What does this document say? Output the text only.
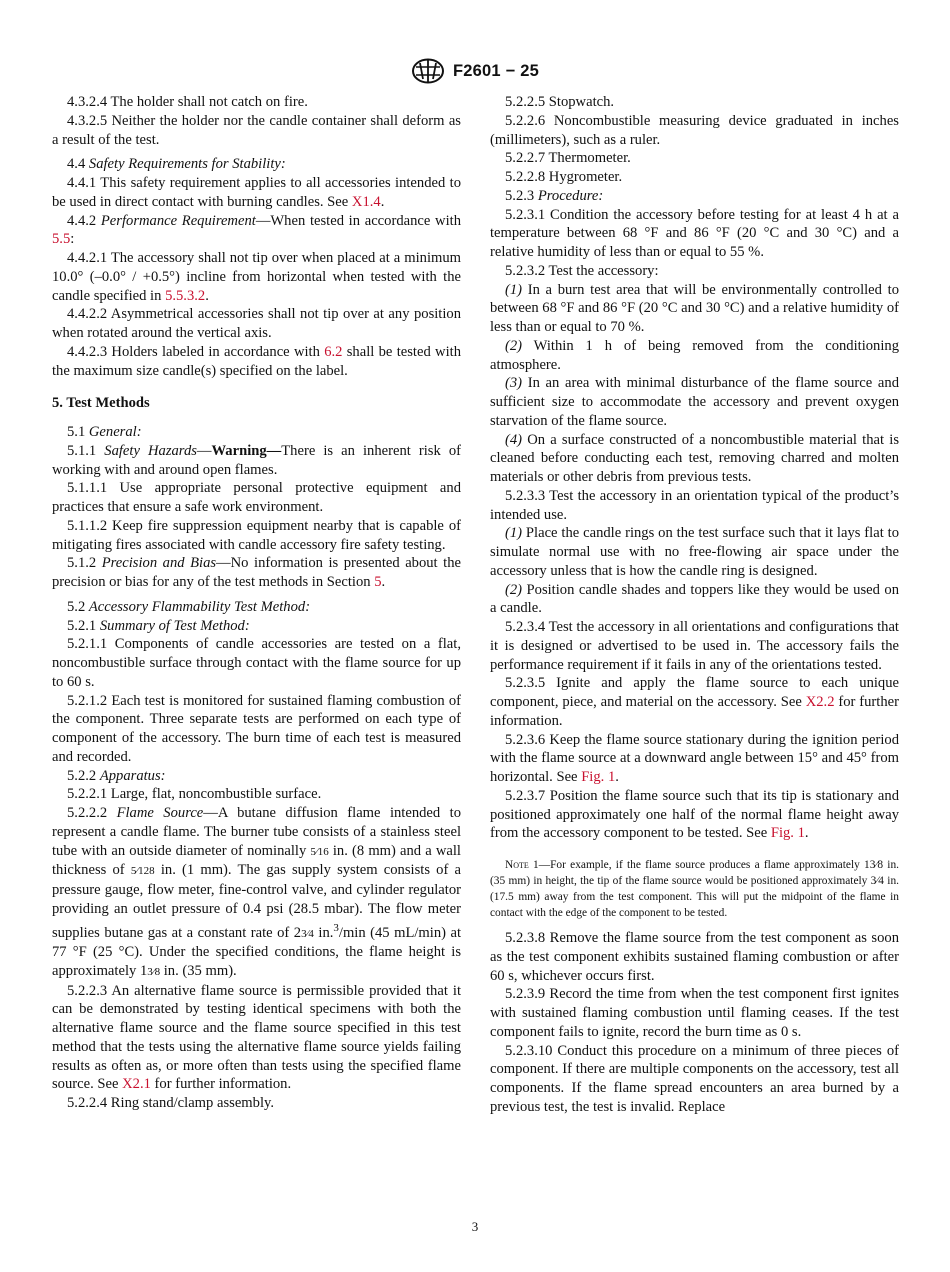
F2601 − 25

4.3.2.4 The holder shall not catch on fire.

4.3.2.5 Neither the holder nor the candle container shall deform as a result of the test.

4.4 Safety Requirements for Stability:

4.4.1 This safety requirement applies to all accessories intended to be used in direct contact with burning candles. See X1.4.

4.4.2 Performance Requirement—When tested in accordance with 5.5:

4.4.2.1 The accessory shall not tip over when placed at a minimum 10.0° (–0.0° / +0.5°) incline from horizontal when tested with the candle specified in 5.5.3.2.

4.4.2.2 Asymmetrical accessories shall not tip over at any position when rotated around the vertical axis.

4.4.2.3 Holders labeled in accordance with 6.2 shall be tested with the maximum size candle(s) specified on the label.

5. Test Methods

5.1 General:

5.1.1 Safety Hazards—Warning—There is an inherent risk of working with and around open flames.

5.1.1.1 Use appropriate personal protective equipment and practices that ensure a safe work environment.

5.1.1.2 Keep fire suppression equipment nearby that is capable of mitigating fires associated with candle accessory fire safety testing.

5.1.2 Precision and Bias—No information is presented about the precision or bias for any of the test methods in Section 5.

5.2 Accessory Flammability Test Method:

5.2.1 Summary of Test Method:

5.2.1.1 Components of candle accessories are tested on a flat, noncombustible surface through contact with the flame source for up to 60 s.

5.2.1.2 Each test is monitored for sustained flaming combustion of the component. Three separate tests are performed on each type of component of the accessory. The burn time of each test is measured and recorded.

5.2.2 Apparatus:

5.2.2.1 Large, flat, noncombustible surface.

5.2.2.2 Flame Source—A butane diffusion flame intended to represent a candle flame. The burner tube consists of a stainless steel tube with an outside diameter of nominally 5⁄16 in. (8 mm) and a wall thickness of 5⁄128 in. (1 mm). The gas supply system consists of a pressure gauge, flow meter, fine-control valve, and cylinder regulator providing an outlet pressure of 0.4 psi (28.5 mbar). The flow meter supplies butane gas at a constant rate of 23⁄4 in.$^3$/min (45 mL/min) at 77 °F (25 °C). Under the specified conditions, the flame height is approximately 13⁄8 in. (35 mm).

5.2.2.3 An alternative flame source is permissible provided that it can be demonstrated by testing identical specimens with both the alternative flame source and the flame source specified in this test method that the tests using the alternative flame source yields failing results as often as, or more often than tests using the specified flame source. See X2.1 for further information.

5.2.2.4 Ring stand/clamp assembly.

5.2.2.5 Stopwatch.

5.2.2.6 Noncombustible measuring device graduated in inches (millimeters), such as a ruler.

5.2.2.7 Thermometer.

5.2.2.8 Hygrometer.

5.2.3 Procedure:

5.2.3.1 Condition the accessory before testing for at least 4 h at a temperature between 68 °F and 86 °F (20 °C and 30 °C) and a relative humidity of less than or equal to 55 %.

5.2.3.2 Test the accessory:

(1) In a burn test area that will be environmentally controlled to between 68 °F and 86 °F (20 °C and 30 °C) and a relative humidity of less than or equal to 70 %.

(2) Within 1 h of being removed from the conditioning atmosphere.

(3) In an area with minimal disturbance of the flame source and sufficient size to accommodate the accessory and prevent oxygen starvation of the flame source.

(4) On a surface constructed of a noncombustible material that is cleaned before conducting each test, removing charred and molten materials or other debris from previous tests.

5.2.3.3 Test the accessory in an orientation typical of the product’s intended use.

(1) Place the candle rings on the test surface such that it lays flat to simulate normal use with no free-flowing air space under the accessory unless that is how the candle ring is designed.

(2) Position candle shades and toppers like they would be used on a candle.

5.2.3.4 Test the accessory in all orientations and configurations that it is designed or advertised to be used in. The accessory fails the performance requirement if it fails in any of the orientations tested.

5.2.3.5 Ignite and apply the flame source to each unique component, piece, and material on the accessory. See X2.2 for further information.

5.2.3.6 Keep the flame source stationary during the ignition period with the flame source at a downward angle between 15° and 45° from horizontal. See Fig. 1.

5.2.3.7 Position the flame source such that its tip is stationary and positioned approximately one half of the normal flame height away from the accessory component to be tested. See Fig. 1.

Note 1—For example, if the flame source produces a flame approximately 13⁄8 in. (35 mm) in height, the tip of the flame source would be positioned approximately 3⁄4 in. (17.5 mm) away from the test component. This will put the midpoint of the flame in contact with the edge of the component to be tested.

5.2.3.8 Remove the flame source from the test component as soon as the test component exhibits sustained flaming combustion or after 60 s, whichever occurs first.

5.2.3.9 Record the time from when the test component first ignites with sustained flaming combustion until flaming ceases. If the test component fails to ignite, record the burn time as 0 s.

5.2.3.10 Conduct this procedure on a minimum of three pieces of component. If there are multiple components on the accessory, test all components. If the flame spread encounters an area burned by a previous test, the test is invalid. Replace

3
